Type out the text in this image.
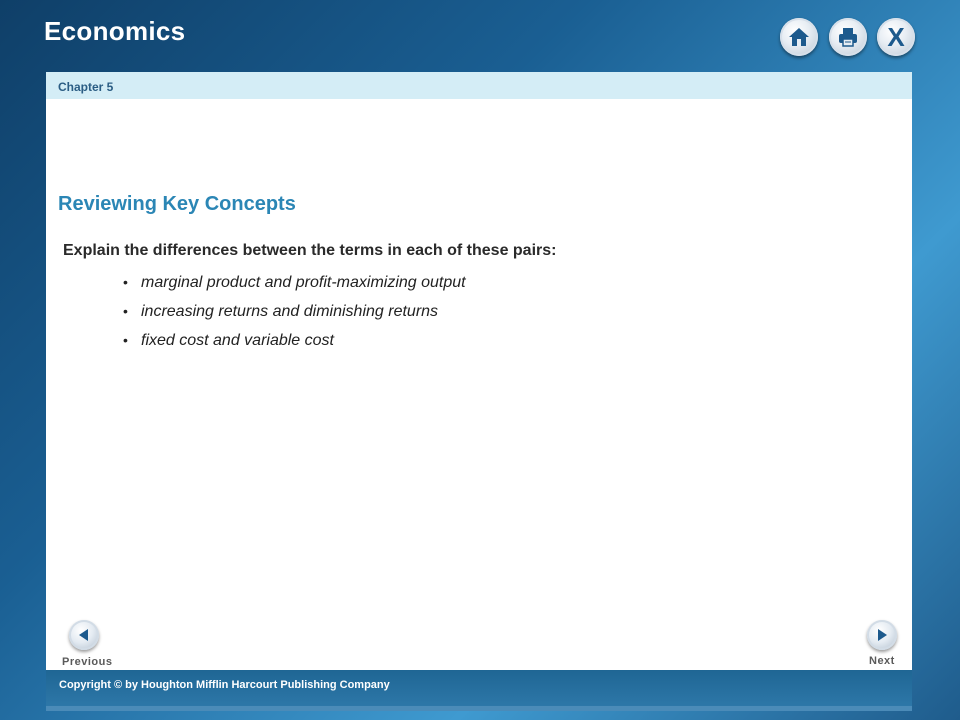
Economics	X
Chapter 5
Reviewing Key Concepts
Explain the differences between the terms in each of these pairs:
• marginal product and profit-maximizing output
• increasing returns and diminishing returns
• fixed cost and variable cost
Previous	Next
Copyright © by Houghton Mifflin Harcourt Publishing Company
